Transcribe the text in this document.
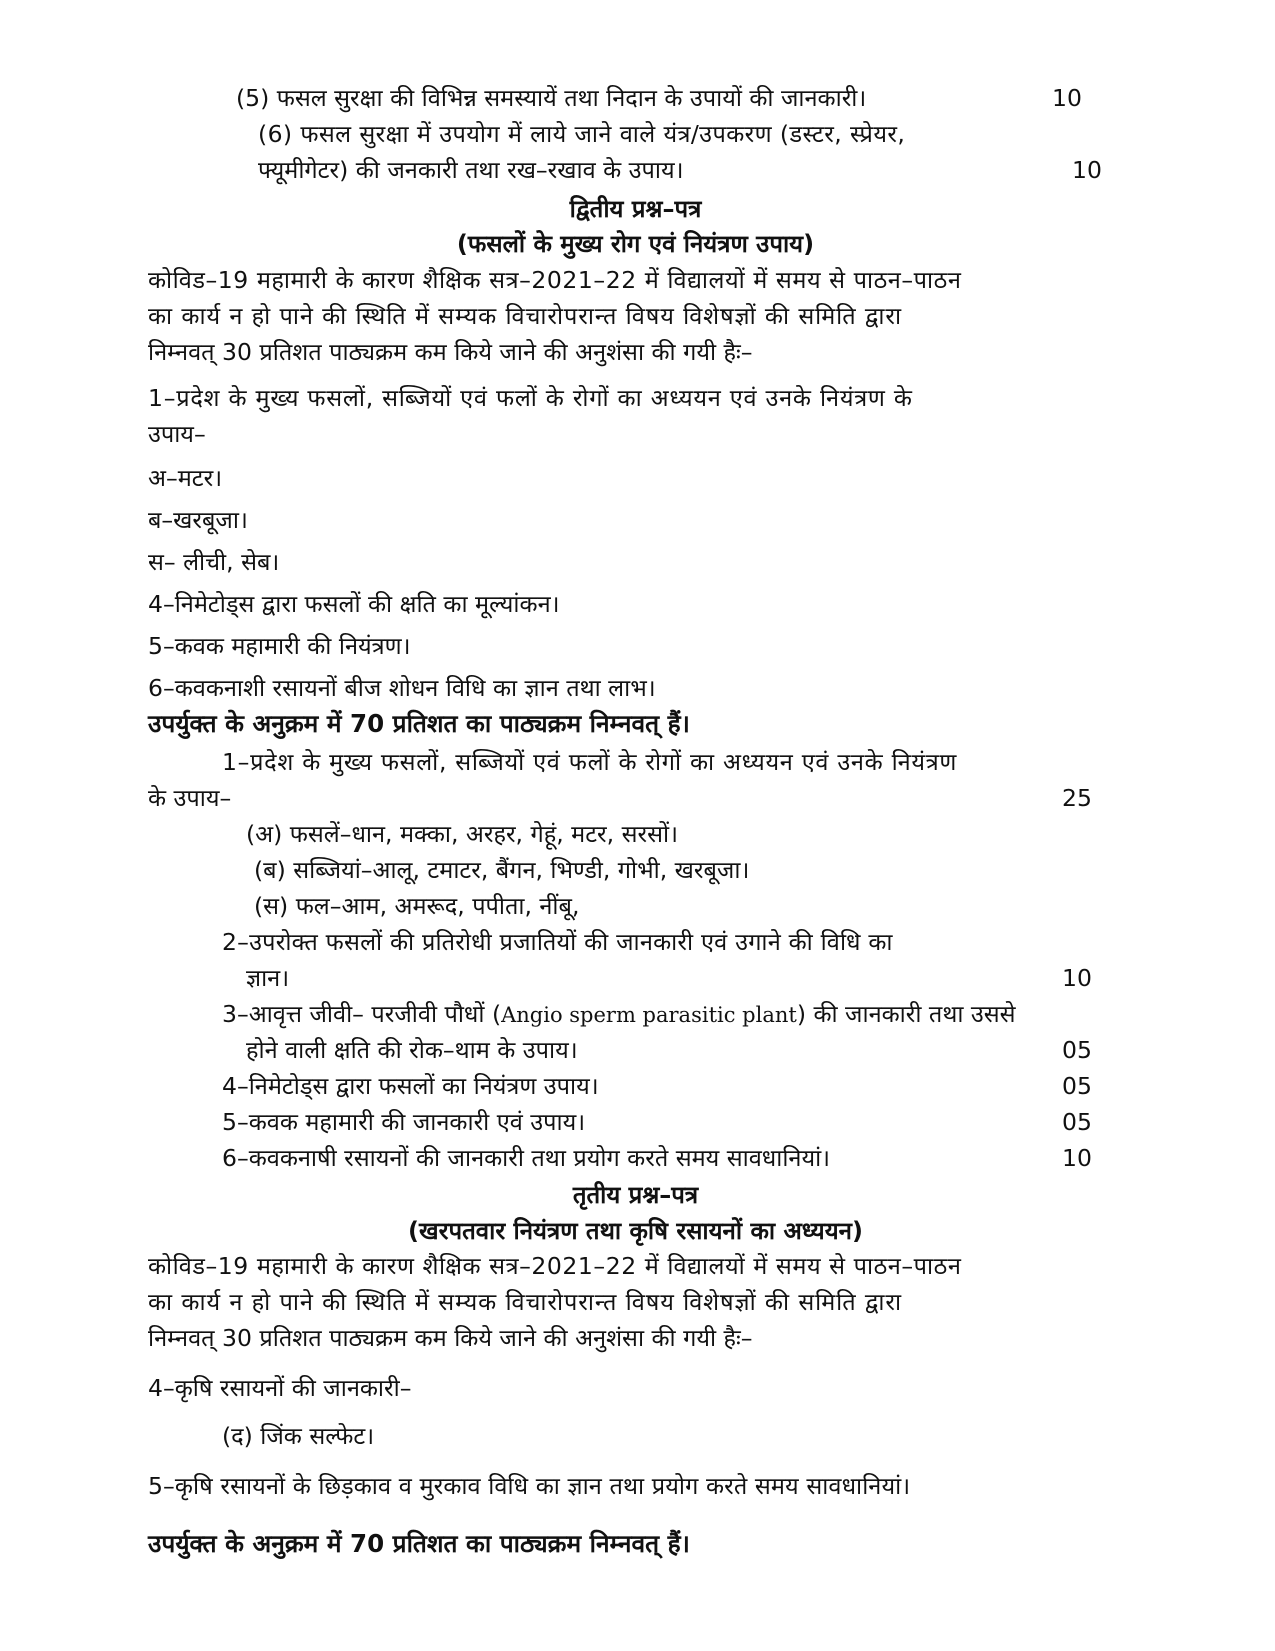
(5) फसल सुरक्षा की विभिन्न समस्यायें तथा निदान के उपायों की जानकारी।	10
(6) फसल सुरक्षा में उपयोग में लाये जाने वाले यंत्र/उपकरण (डस्टर, स्प्रेयर,
फ्यूमीगेटर) की जनकारी तथा रख–रखाव के उपाय।	10
द्वितीय प्रश्न–पत्र
(फसलों के मुख्य रोग एवं नियंत्रण उपाय)
कोविड–19 महामारी के कारण शैक्षिक सत्र–2021–22 में विद्यालयों में समय से पाठन–पाठन
का कार्य न हो पाने की स्थिति में सम्यक विचारोपरान्त विषय विशेषज्ञों की समिति द्वारा
निम्नवत् 30 प्रतिशत पाठ्यक्रम कम किये जाने की अनुशंसा की गयी हैः–
1–प्रदेश के मुख्य फसलों, सब्जियों एवं फलों के रोगों का अध्ययन एवं उनके नियंत्रण के
उपाय–
अ–मटर।
ब–खरबूजा।
स– लीची, सेब।
4–निमेटोड्स द्वारा फसलों की क्षति का मूल्यांकन।
5–कवक महामारी की नियंत्रण।
6–कवकनाशी रसायनों बीज शोधन विधि का ज्ञान तथा लाभ।
उपर्युक्त के अनुक्रम में 70 प्रतिशत का पाठ्यक्रम निम्नवत् हैं।
1–प्रदेश के मुख्य फसलों, सब्जियों एवं फलों के रोगों का अध्ययन एवं उनके नियंत्रण
के उपाय–	25
(अ) फसलें–धान, मक्का, अरहर, गेहूं, मटर, सरसों।
(ब) सब्जियां–आलू, टमाटर, बैंगन, भिण्डी, गोभी, खरबूजा।
(स) फल–आम, अमरूद, पपीता, नींबू,
2–उपरोक्त फसलों की प्रतिरोधी प्रजातियों की जानकारी एवं उगाने की विधि का
ज्ञान।	10
3–आवृत्त जीवी– परजीवी पौधों (Angio sperm parasitic plant) की जानकारी तथा उससे
होने वाली क्षति की रोक–थाम के उपाय।	05
4–निमेटोड्स द्वारा फसलों का नियंत्रण उपाय।	05
5–कवक महामारी की जानकारी एवं उपाय।	05
6–कवकनाषी रसायनों की जानकारी तथा प्रयोग करते समय सावधानियां।	10
तृतीय प्रश्न–पत्र
(खरपतवार नियंत्रण तथा कृषि रसायनों का अध्ययन)
कोविड–19 महामारी के कारण शैक्षिक सत्र–2021–22 में विद्यालयों में समय से पाठन–पाठन
का कार्य न हो पाने की स्थिति में सम्यक विचारोपरान्त विषय विशेषज्ञों की समिति द्वारा
निम्नवत् 30 प्रतिशत पाठ्यक्रम कम किये जाने की अनुशंसा की गयी हैः–
4–कृषि रसायनों की जानकारी–
(द) जिंक सल्फेट।
5–कृषि रसायनों के छिड़काव व मुरकाव विधि का ज्ञान तथा प्रयोग करते समय सावधानियां।
उपर्युक्त के अनुक्रम में 70 प्रतिशत का पाठ्यक्रम निम्नवत् हैं।
